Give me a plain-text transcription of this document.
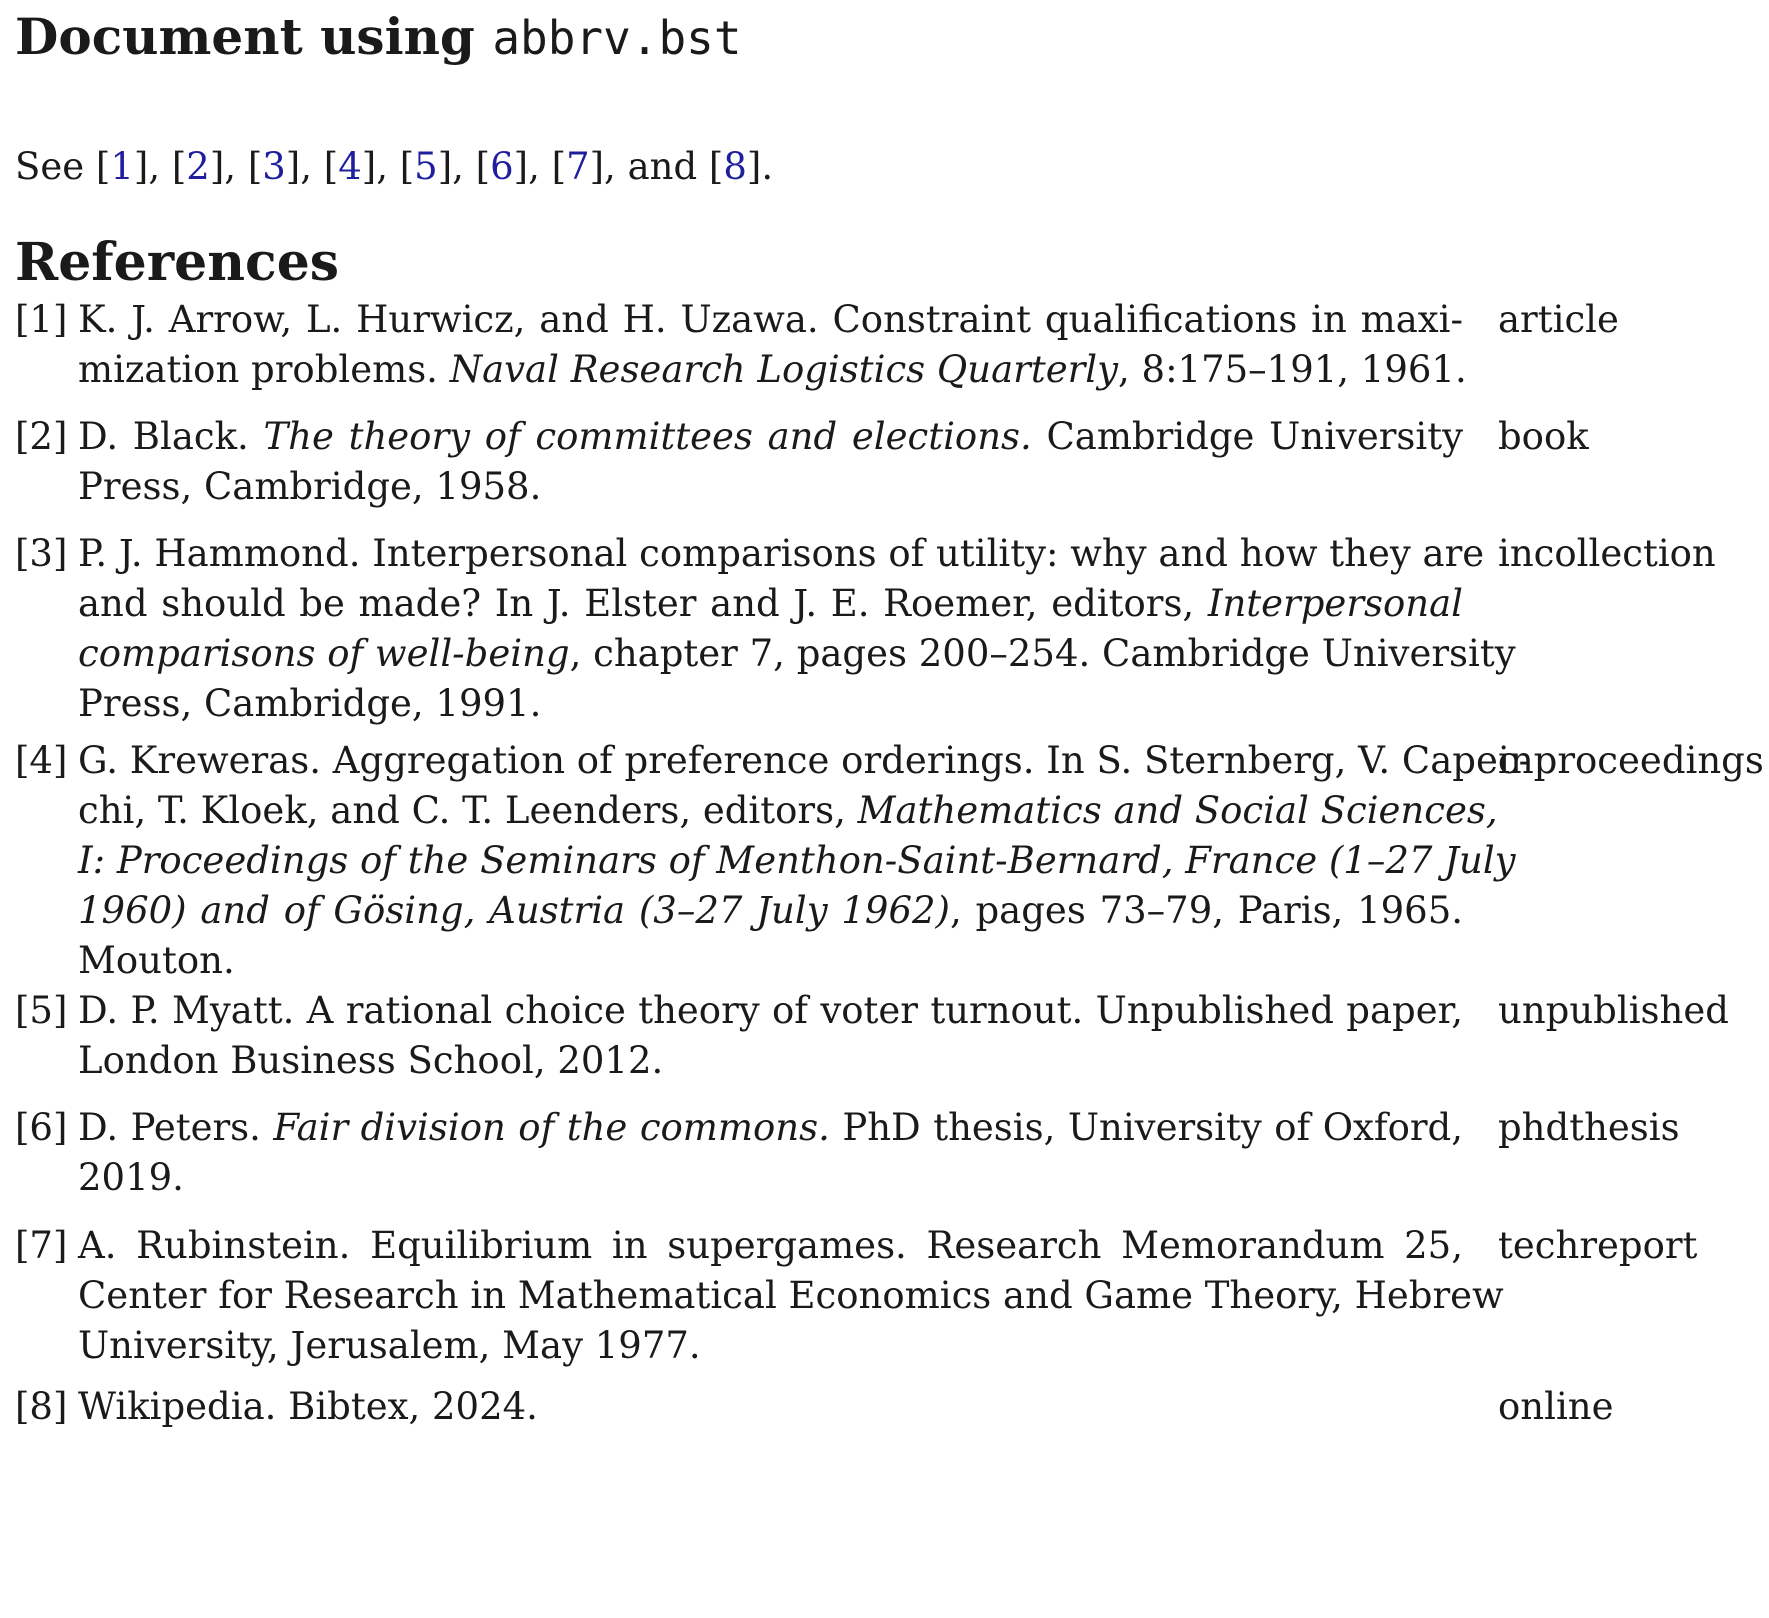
Document using abbrv.bst

See [1], [2], [3], [4], [5], [6], [7], and [8].

References
[1] K. J. Arrow, L. Hurwicz, and H. Uzawa. Constraint qualifications in maxi-
mization problems. Naval Research Logistics Quarterly, 8:175–191, 1961.
article
[2] D. Black. The theory of committees and elections. Cambridge University
Press, Cambridge, 1958.
book
[3] P. J. Hammond. Interpersonal comparisons of utility: why and how they are
and should be made? In J. Elster and J. E. Roemer, editors, Interpersonal
comparisons of well-being, chapter 7, pages 200–254. Cambridge University
Press, Cambridge, 1991.
incollection
[4] G. Kreweras. Aggregation of preference orderings. In S. Sternberg, V. Capec-
chi, T. Kloek, and C. T. Leenders, editors, Mathematics and Social Sciences,
I: Proceedings of the Seminars of Menthon-Saint-Bernard, France (1–27 July
1960) and of Gösing, Austria (3–27 July 1962), pages 73–79, Paris, 1965.
Mouton.
inproceedings
[5] D. P. Myatt. A rational choice theory of voter turnout. Unpublished paper,
London Business School, 2012.
unpublished
[6] D. Peters. Fair division of the commons. PhD thesis, University of Oxford,
2019.
phdthesis
[7] A. Rubinstein. Equilibrium in supergames. Research Memorandum 25,
Center for Research in Mathematical Economics and Game Theory, Hebrew
University, Jerusalem, May 1977.
techreport
[8] Wikipedia. Bibtex, 2024.	online
